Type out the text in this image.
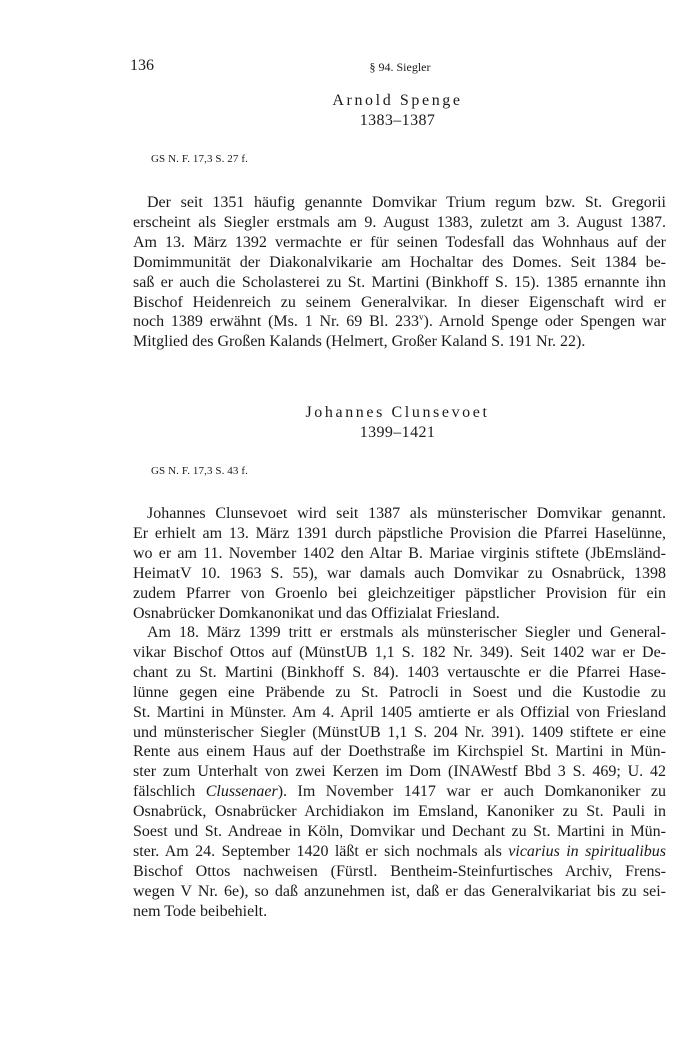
136	§ 94. Siegler
Arnold Spenge
1383–1387
GS N. F. 17,3 S. 27 f.
Der seit 1351 häufig genannte Domvikar Trium regum bzw. St. Gregorii
erscheint als Siegler erstmals am 9. August 1383, zuletzt am 3. August 1387.
Am 13. März 1392 vermachte er für seinen Todesfall das Wohnhaus auf der
Domimmunität der Diakonalvikarie am Hochaltar des Domes. Seit 1384 be-
saß er auch die Scholasterei zu St. Martini (Binkhoff S. 15). 1385 ernannte ihn
Bischof Heidenreich zu seinem Generalvikar. In dieser Eigenschaft wird er
noch 1389 erwähnt (Ms. 1 Nr. 69 Bl. 233$^v$). Arnold Spenge oder Spengen war
Mitglied des Großen Kalands (Helmert, Großer Kaland S. 191 Nr. 22).
Johannes Clunsevoet
1399–1421
GS N. F. 17,3 S. 43 f.
Johannes Clunsevoet wird seit 1387 als münsterischer Domvikar genannt.
Er erhielt am 13. März 1391 durch päpstliche Provision die Pfarrei Haselünne,
wo er am 11. November 1402 den Altar B. Mariae virginis stiftete (JbEmsländ-
HeimatV 10. 1963 S. 55), war damals auch Domvikar zu Osnabrück, 1398
zudem Pfarrer von Groenlo bei gleichzeitiger päpstlicher Provision für ein
Osnabrücker Domkanonikat und das Offizialat Friesland.
Am 18. März 1399 tritt er erstmals als münsterischer Siegler und General-
vikar Bischof Ottos auf (MünstUB 1,1 S. 182 Nr. 349). Seit 1402 war er De-
chant zu St. Martini (Binkhoff S. 84). 1403 vertauschte er die Pfarrei Hase-
lünne gegen eine Präbende zu St. Patrocli in Soest und die Kustodie zu
St. Martini in Münster. Am 4. April 1405 amtierte er als Offizial von Friesland
und münsterischer Siegler (MünstUB 1,1 S. 204 Nr. 391). 1409 stiftete er eine
Rente aus einem Haus auf der Doethstraße im Kirchspiel St. Martini in Mün-
ster zum Unterhalt von zwei Kerzen im Dom (INAWestf Bbd 3 S. 469; U. 42
fälschlich Clussenaer). Im November 1417 war er auch Domkanoniker zu
Osnabrück, Osnabrücker Archidiakon im Emsland, Kanoniker zu St. Pauli in
Soest und St. Andreae in Köln, Domvikar und Dechant zu St. Martini in Mün-
ster. Am 24. September 1420 läßt er sich nochmals als vicarius in spiritualibus
Bischof Ottos nachweisen (Fürstl. Bentheim-Steinfurtisches Archiv, Frens-
wegen V Nr. 6e), so daß anzunehmen ist, daß er das Generalvikariat bis zu sei-
nem Tode beibehielt.
